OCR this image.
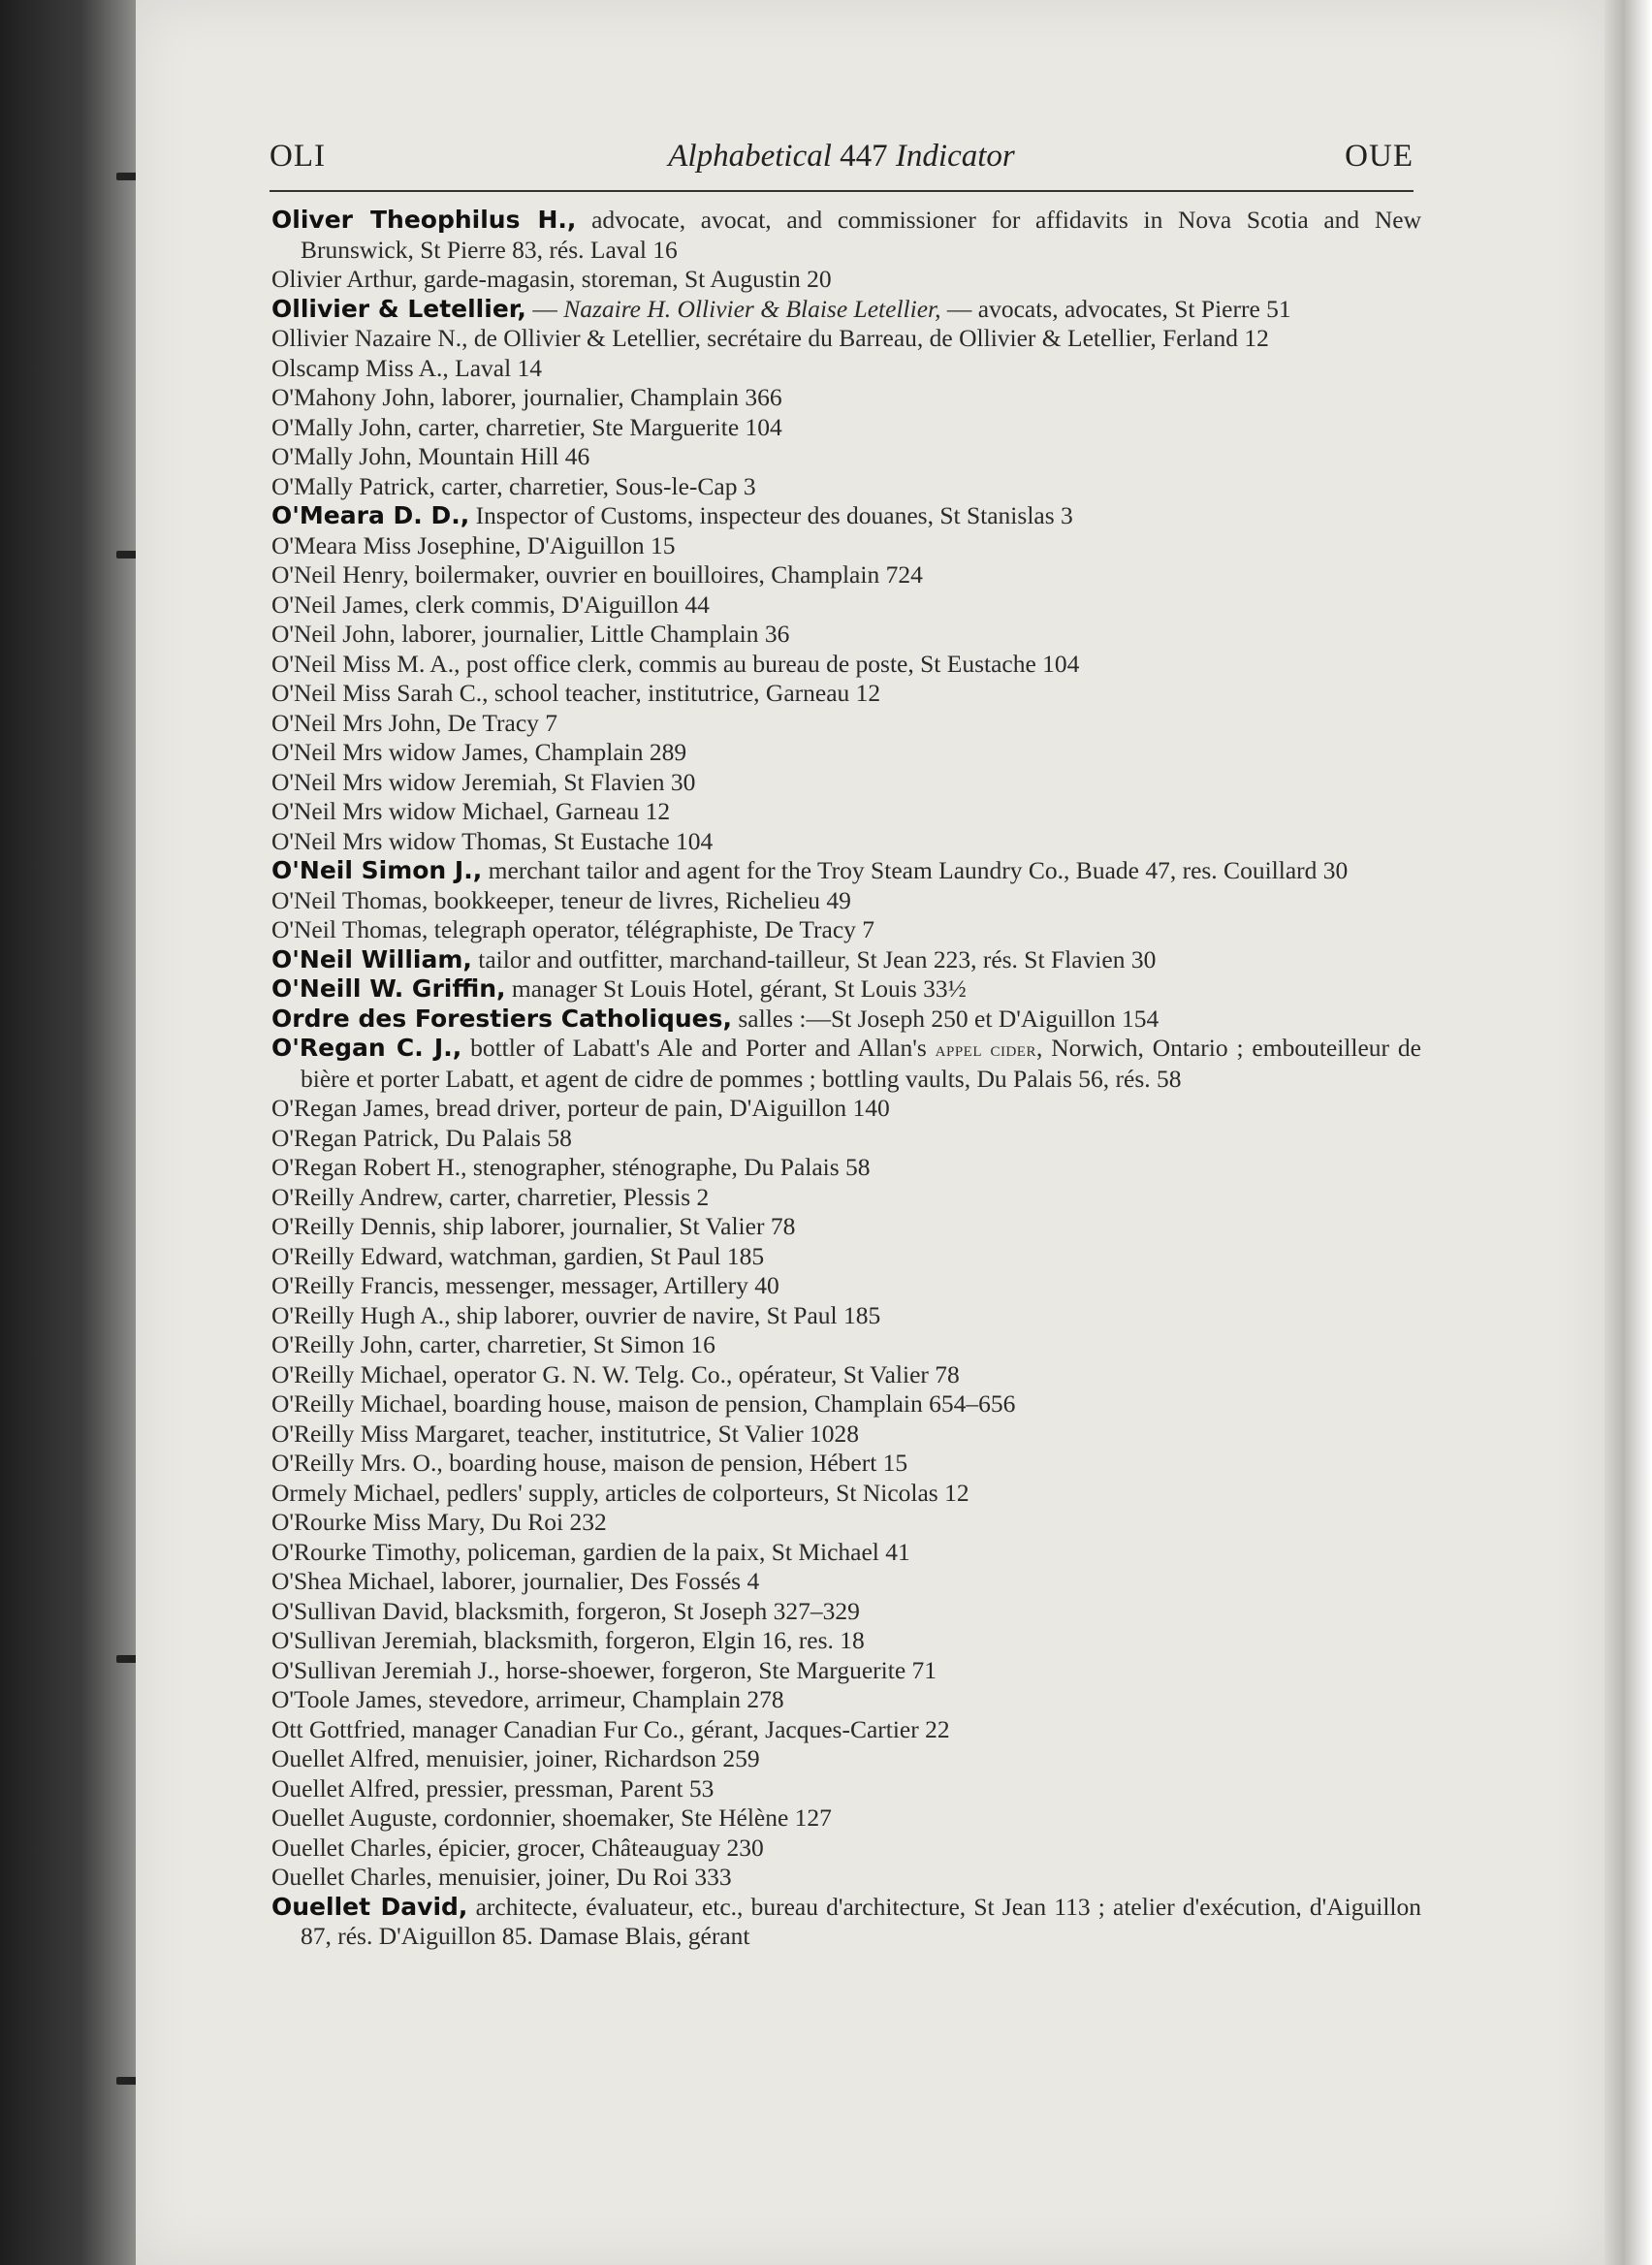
OLI	Alphabetical 447 Indicator	OUE
Oliver Theophilus H., advocate, avocat, and commissioner for affidavits in Nova Scotia and New Brunswick, St Pierre 83, rés. Laval 16
Olivier Arthur, garde-magasin, storeman, St Augustin 20
Ollivier & Letellier, — Nazaire H. Ollivier & Blaise Letellier, — avocats, advocates, St Pierre 51
Ollivier Nazaire N., de Ollivier & Letellier, secrétaire du Barreau, de Ollivier & Letellier, Ferland 12
Olscamp Miss A., Laval 14
O'Mahony John, laborer, journalier, Champlain 366
O'Mally John, carter, charretier, Ste Marguerite 104
O'Mally John, Mountain Hill 46
O'Mally Patrick, carter, charretier, Sous-le-Cap 3
O'Meara D. D., Inspector of Customs, inspecteur des douanes, St Stanislas 3
O'Meara Miss Josephine, D'Aiguillon 15
O'Neil Henry, boilermaker, ouvrier en bouilloires, Champlain 724
O'Neil James, clerk commis, D'Aiguillon 44
O'Neil John, laborer, journalier, Little Champlain 36
O'Neil Miss M. A., post office clerk, commis au bureau de poste, St Eustache 104
O'Neil Miss Sarah C., school teacher, institutrice, Garneau 12
O'Neil Mrs John, De Tracy 7
O'Neil Mrs widow James, Champlain 289
O'Neil Mrs widow Jeremiah, St Flavien 30
O'Neil Mrs widow Michael, Garneau 12
O'Neil Mrs widow Thomas, St Eustache 104
O'Neil Simon J., merchant tailor and agent for the Troy Steam Laundry Co., Buade 47, res. Couillard 30
O'Neil Thomas, bookkeeper, teneur de livres, Richelieu 49
O'Neil Thomas, telegraph operator, télégraphiste, De Tracy 7
O'Neil William, tailor and outfitter, marchand-tailleur, St Jean 223, rés. St Flavien 30
O'Neill W. Griffin, manager St Louis Hotel, gérant, St Louis 33½
Ordre des Forestiers Catholiques, salles :—St Joseph 250 et D'Aiguillon 154
O'Regan C. J., bottler of Labatt's Ale and Porter and Allan's appel cider, Norwich, Ontario ; embouteilleur de bière et porter Labatt, et agent de cidre de pommes ; bottling vaults, Du Palais 56, rés. 58
O'Regan James, bread driver, porteur de pain, D'Aiguillon 140
O'Regan Patrick, Du Palais 58
O'Regan Robert H., stenographer, sténographe, Du Palais 58
O'Reilly Andrew, carter, charretier, Plessis 2
O'Reilly Dennis, ship laborer, journalier, St Valier 78
O'Reilly Edward, watchman, gardien, St Paul 185
O'Reilly Francis, messenger, messager, Artillery 40
O'Reilly Hugh A., ship laborer, ouvrier de navire, St Paul 185
O'Reilly John, carter, charretier, St Simon 16
O'Reilly Michael, operator G. N. W. Telg. Co., opérateur, St Valier 78
O'Reilly Michael, boarding house, maison de pension, Champlain 654–656
O'Reilly Miss Margaret, teacher, institutrice, St Valier 1028
O'Reilly Mrs. O., boarding house, maison de pension, Hébert 15
Ormely Michael, pedlers' supply, articles de colporteurs, St Nicolas 12
O'Rourke Miss Mary, Du Roi 232
O'Rourke Timothy, policeman, gardien de la paix, St Michael 41
O'Shea Michael, laborer, journalier, Des Fossés 4
O'Sullivan David, blacksmith, forgeron, St Joseph 327–329
O'Sullivan Jeremiah, blacksmith, forgeron, Elgin 16, res. 18
O'Sullivan Jeremiah J., horse-shoewer, forgeron, Ste Marguerite 71
O'Toole James, stevedore, arrimeur, Champlain 278
Ott Gottfried, manager Canadian Fur Co., gérant, Jacques-Cartier 22
Ouellet Alfred, menuisier, joiner, Richardson 259
Ouellet Alfred, pressier, pressman, Parent 53
Ouellet Auguste, cordonnier, shoemaker, Ste Hélène 127
Ouellet Charles, épicier, grocer, Châteauguay 230
Ouellet Charles, menuisier, joiner, Du Roi 333
Ouellet David, architecte, évaluateur, etc., bureau d'architecture, St Jean 113 ; atelier d'exécution, d'Aiguillon 87, rés. D'Aiguillon 85. Damase Blais, gérant
